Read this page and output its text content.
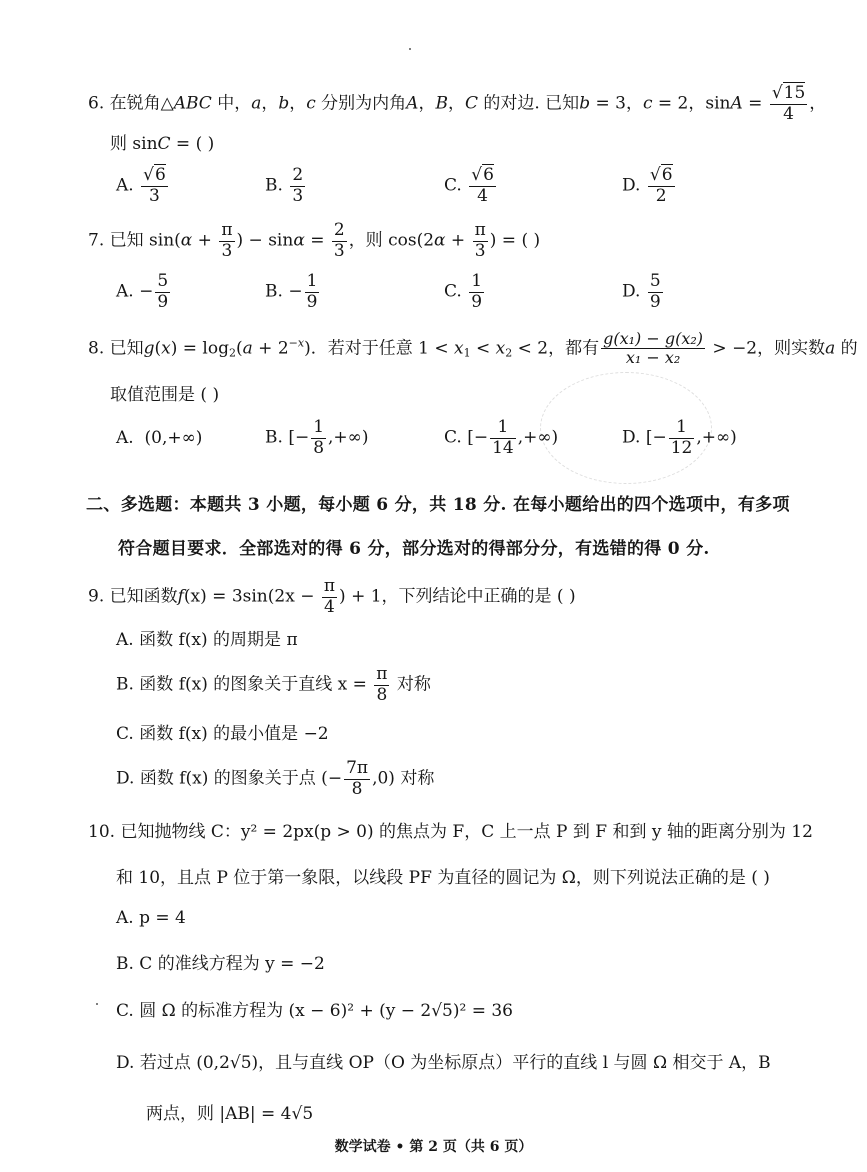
6. 在锐角△ABC 中，a，b，c 分别为内角A，B，C 的对边. 已知b = 3，c = 2，$\sin A = \frac{√15}{4}$ ，
则 sinC = ( )
A. $\frac{√6}{3}$	B. $\frac{2}{3}$	C. $\frac{√6}{4}$	D. $\frac{√6}{2}$
7. 已知 $\sin(\alpha + \frac{\pi}{3}$ ) − $\sin\alpha = \frac{2}{3}$ ，则 $\cos(2\alpha + \frac{\pi}{3}$ ) = ( )
A. − $\frac{5}{9}$	B. − $\frac{1}{9}$	C. $\frac{1}{9}$	D. $\frac{5}{9}$
8. 已知$g(x) = \log_2(a + 2^{-x})$．若对于任意 $1 < x_1 < x_2 < 2$，都有 $\frac{\text{g(x₁) − g(x₂)}}{\text{x₁ − x₂}} > -2$，则实数a 的
取值范围是 ( )
A. (0,+∞)	B. [− $\frac{1}{8}$ ,+∞)	C. [− $\frac{1}{14}$ ,+∞)	D. [− $\frac{1}{12}$ ,+∞)
二、多选题：本题共 3 小题，每小题 6 分，共 18 分. 在每小题给出的四个选项中，有多项
符合题目要求．全部选对的得 6 分，部分选对的得部分分，有选错的得 0 分.
9. 已知函数$f(x) = 3\sin(2x - \frac{\pi}{4}$ ) + 1，下列结论中正确的是 ( )
A. 函数 f(x) 的周期是 π
B. 函数 f(x) 的图象关于直线 $x = \frac{\pi}{8}$ 对称
C. 函数 f(x) 的最小值是 −2
D. 函数 f(x) 的图象关于点 (− $\frac{7\pi}{8} ,0$) 对称
10. 已知抛物线 C：y² = 2px(p > 0) 的焦点为 F，C 上一点 P 到 F 和到 y 轴的距离分别为 12
和 10，且点 P 位于第一象限，以线段 PF 为直径的圆记为 Ω，则下列说法正确的是 ( )
A. p = 4
B. C 的准线方程为 y = −2
C. 圆 Ω 的标准方程为 (x − 6)² + (y − 2√5)² = 36
D. 若过点 (0,2√5)，且与直线 OP（O 为坐标原点）平行的直线 l 与圆 Ω 相交于 A，B
两点，则 |AB| = 4√5
数学试卷 • 第 2 页（共 6 页）
